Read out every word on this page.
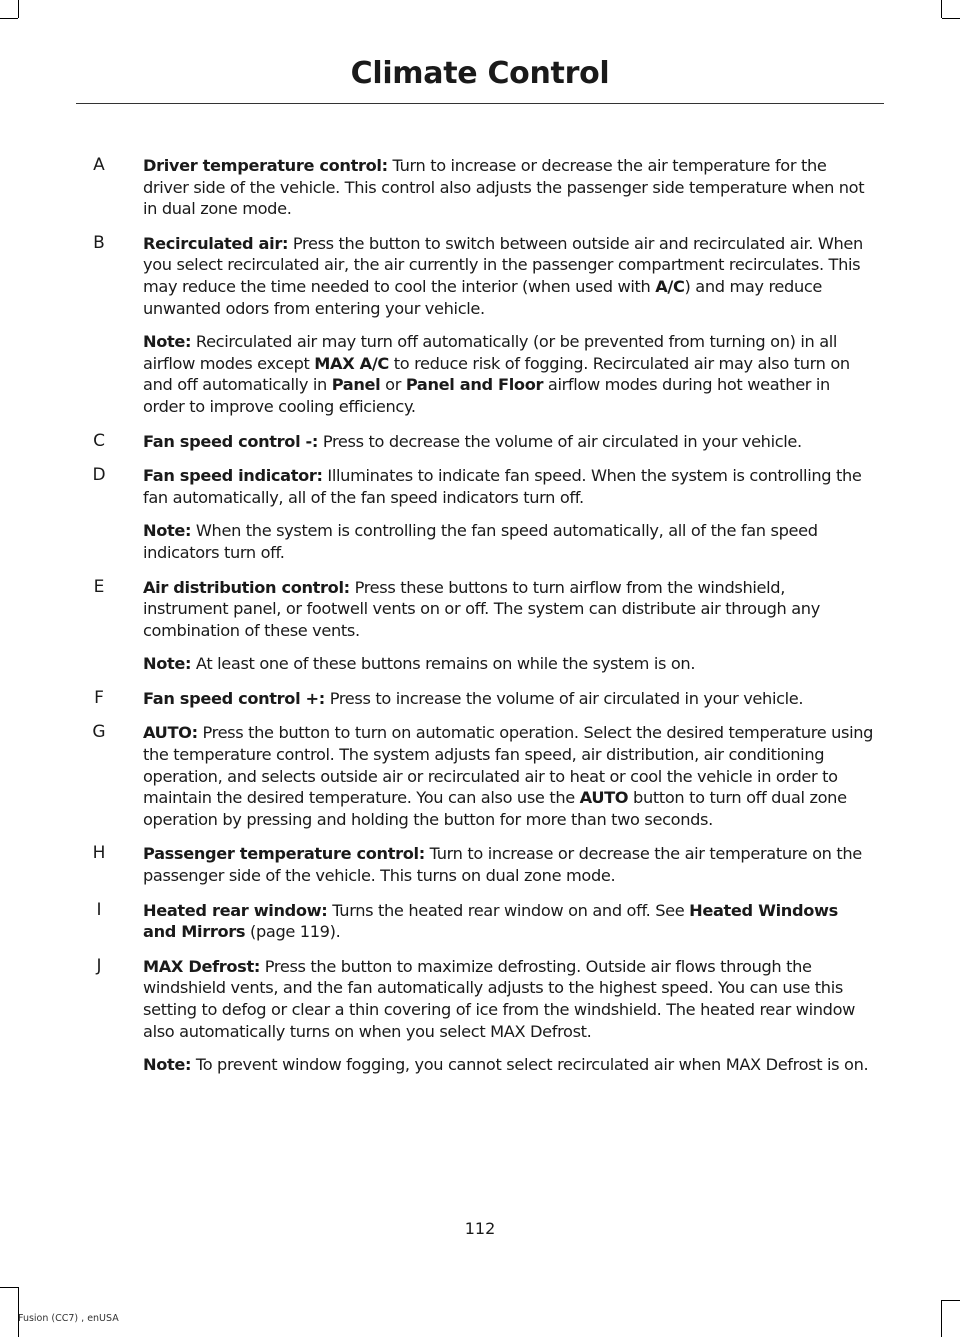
Climate Control
A	Driver temperature control: Turn to increase or decrease the air temperature for the driver side of the vehicle. This control also adjusts the passenger side temperature when not in dual zone mode.

B	Recirculated air: Press the button to switch between outside air and recirculated air. When you select recirculated air, the air currently in the passenger compartment recirculates. This may reduce the time needed to cool the interior (when used with A/C) and may reduce unwanted odors from entering your vehicle.

Note: Recirculated air may turn off automatically (or be prevented from turning on) in all airflow modes except MAX A/C to reduce risk of fogging. Recirculated air may also turn on and off automatically in Panel or Panel and Floor airflow modes during hot weather in order to improve cooling efficiency.

C	Fan speed control -: Press to decrease the volume of air circulated in your vehicle.

D Fan speed indicator: Illuminates to indicate fan speed. When the system is controlling the fan automatically, all of the fan speed indicators turn off.

Note: When the system is controlling the fan speed automatically, all of the fan speed indicators turn off.

E	Air distribution control: Press these buttons to turn airflow from the windshield, instrument panel, or footwell vents on or off. The system can distribute air through any combination of these vents.

Note: At least one of these buttons remains on while the system is on.

F	Fan speed control +: Press to increase the volume of air circulated in your vehicle.

G AUTO: Press the button to turn on automatic operation. Select the desired temperature using the temperature control. The system adjusts fan speed, air distribution, air conditioning operation, and selects outside air or recirculated air to heat or cool the vehicle in order to maintain the desired temperature. You can also use the AUTO button to turn off dual zone operation by pressing and holding the button for more than two seconds.

H Passenger temperature control: Turn to increase or decrease the air temperature on the passenger side of the vehicle. This turns on dual zone mode.

I	Heated rear window: Turns the heated rear window on and off. See Heated Windows and Mirrors (page 119).

J	MAX Defrost: Press the button to maximize defrosting. Outside air flows through the windshield vents, and the fan automatically adjusts to the highest speed. You can use this setting to defog or clear a thin covering of ice from the windshield. The heated rear window also automatically turns on when you select MAX Defrost.

Note: To prevent window fogging, you cannot select recirculated air when MAX Defrost is on.

112
Fusion (CC7) , enUSA
